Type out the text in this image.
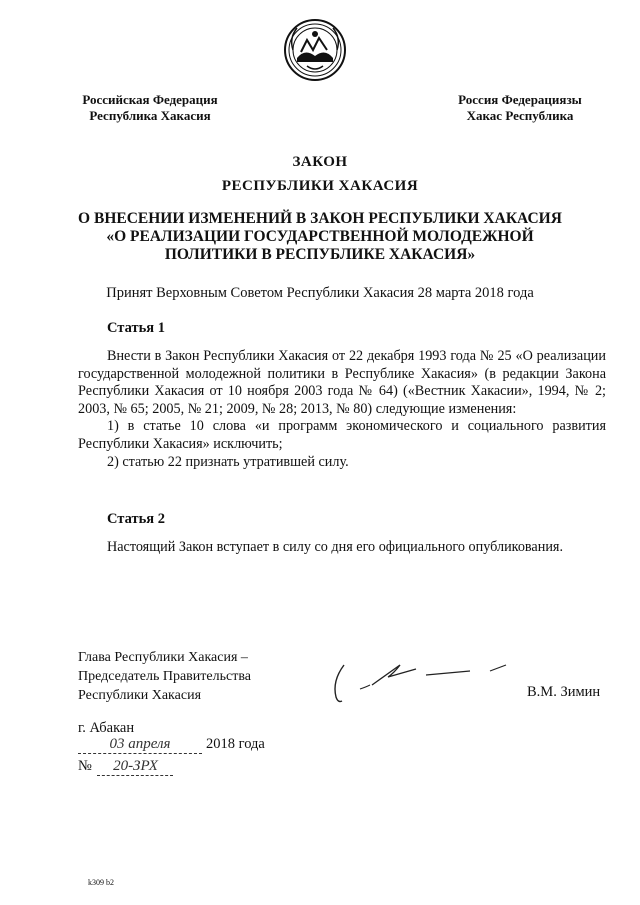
Российская Федерация
Республика Хакасия
Россия Федерациязы
Хакас Республика
ЗАКОН
РЕСПУБЛИКИ ХАКАСИЯ
О ВНЕСЕНИИ ИЗМЕНЕНИЙ В ЗАКОН РЕСПУБЛИКИ ХАКАСИЯ
«О РЕАЛИЗАЦИИ ГОСУДАРСТВЕННОЙ МОЛОДЕЖНОЙ
ПОЛИТИКИ В РЕСПУБЛИКЕ ХАКАСИЯ»
Принят Верховным Советом Республики Хакасия 28 марта 2018 года
Статья 1

Внести в Закон Республики Хакасия от 22 декабря 1993 года № 25 «О реализации государственной молодежной политики в Республике Хакасия» (в редакции Закона Республики Хакасия от 10 ноября 2003 года № 64) («Вестник Хакасии», 1994, № 2; 2003, № 65; 2005, № 21; 2009, № 28; 2013, № 80) следующие изменения:

1) в статье 10 слова «и программ экономического и социального развития Республики Хакасия» исключить;

2) статью 22 признать утратившей силу.

Статья 2
Настоящий Закон вступает в силу со дня его официального опубликования.
Глава Республики Хакасия –
Председатель Правительства
Республики Хакасия	В.М. Зимин
г. Абакан
03 апреля 2018 года
№ 20-ЗРХ
k309 b2
